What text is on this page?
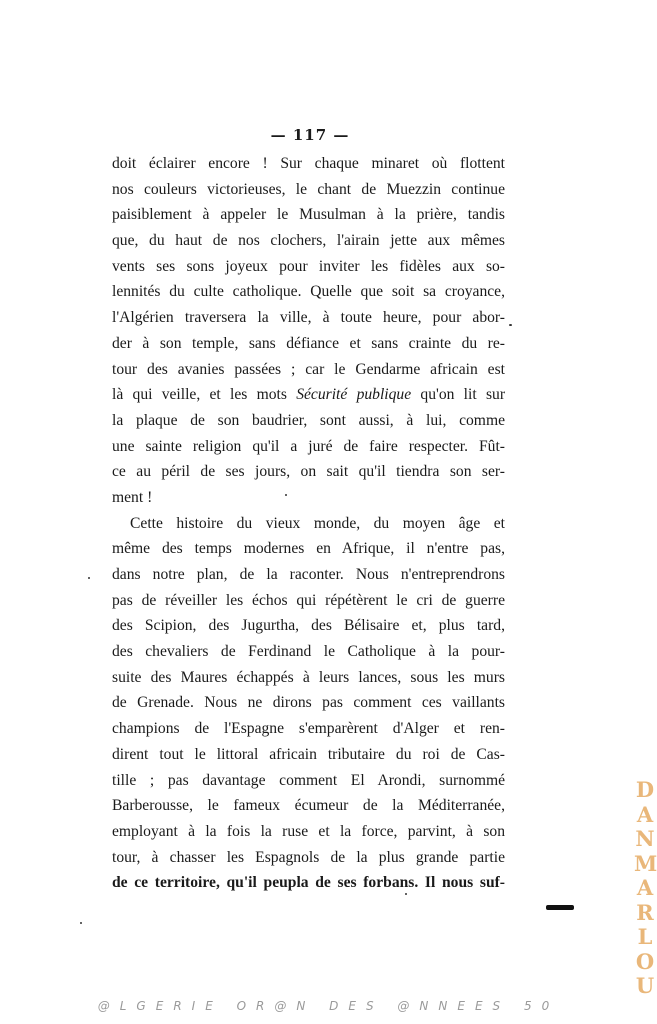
— 117 —
doit éclairer encore ! Sur chaque minaret où flottent
nos couleurs victorieuses, le chant de Muezzin continue
paisiblement à appeler le Musulman à la prière, tandis
que, du haut de nos clochers, l'airain jette aux mêmes
vents ses sons joyeux pour inviter les fidèles aux so-
lennités du culte catholique. Quelle que soit sa croyance,
l'Algérien traversera la ville, à toute heure, pour abor-
der à son temple, sans défiance et sans crainte du re-
tour des avanies passées ; car le Gendarme africain est
là qui veille, et les mots Sécurité publique qu'on lit sur
la plaque de son baudrier, sont aussi, à lui, comme
une sainte religion qu'il a juré de faire respecter. Fût-
ce au péril de ses jours, on sait qu'il tiendra son ser-
ment !
Cette histoire du vieux monde, du moyen âge et
même des temps modernes en Afrique, il n'entre pas,
dans notre plan, de la raconter. Nous n'entreprendrons
pas de réveiller les échos qui répétèrent le cri de guerre
des Scipion, des Jugurtha, des Bélisaire et, plus tard,
des chevaliers de Ferdinand le Catholique à la pour-
suite des Maures échappés à leurs lances, sous les murs
de Grenade. Nous ne dirons pas comment ces vaillants
champions de l'Espagne s'emparèrent d'Alger et ren-
dirent tout le littoral africain tributaire du roi de Cas-
tille ; pas davantage comment El Arondi, surnommé
Barberousse, le fameux écumeur de la Méditerranée,
employant à la fois la ruse et la force, parvint, à son
tour, à chasser les Espagnols de la plus grande partie
de ce territoire, qu'il peupla de ses forbans. Il nous suf-
D
A
N
M
A
R
L
O
U
@LGERIE OR@N DES @NNEES 50
